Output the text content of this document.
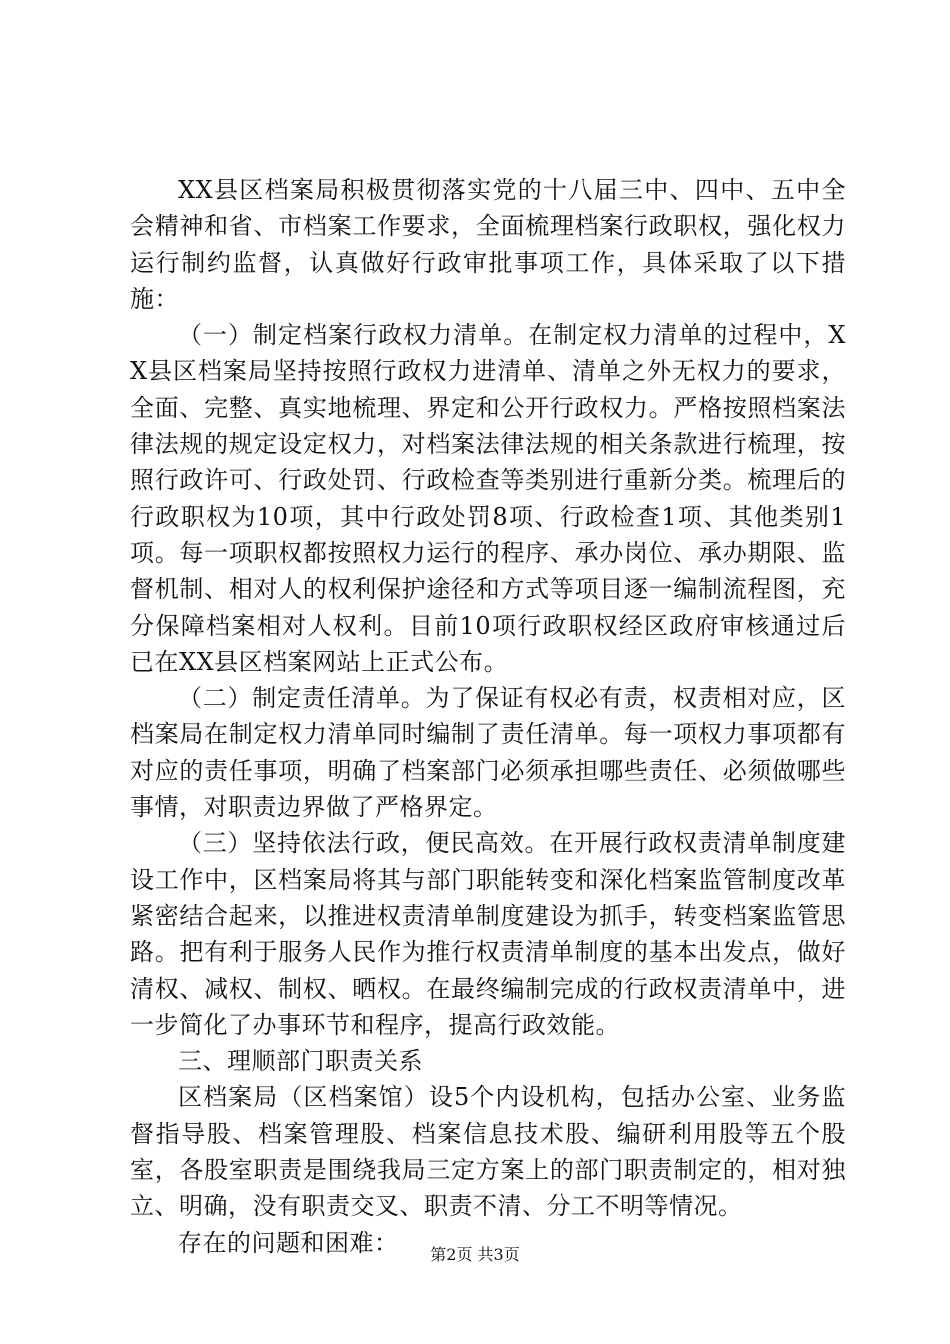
XX县区档案局积极贯彻落实党的十八届三中、四中、五中全会精神和省、市档案工作要求，全面梳理档案行政职权，强化权力运行制约监督，认真做好行政审批事项工作，具体采取了以下措施：

（一）制定档案行政权力清单。在制定权力清单的过程中，XX县区档案局坚持按照行政权力进清单、清单之外无权力的要求，全面、完整、真实地梳理、界定和公开行政权力。严格按照档案法律法规的规定设定权力，对档案法律法规的相关条款进行梳理，按照行政许可、行政处罚、行政检查等类别进行重新分类。梳理后的行政职权为10项，其中行政处罚8项、行政检查1项、其他类别1项。每一项职权都按照权力运行的程序、承办岗位、承办期限、监督机制、相对人的权利保护途径和方式等项目逐一编制流程图，充分保障档案相对人权利。目前10项行政职权经区政府审核通过后已在XX县区档案网站上正式公布。

（二）制定责任清单。为了保证有权必有责，权责相对应，区档案局在制定权力清单同时编制了责任清单。每一项权力事项都有对应的责任事项，明确了档案部门必须承担哪些责任、必须做哪些事情，对职责边界做了严格界定。

（三）坚持依法行政，便民高效。在开展行政权责清单制度建设工作中，区档案局将其与部门职能转变和深化档案监管制度改革紧密结合起来，以推进权责清单制度建设为抓手，转变档案监管思路。把有利于服务人民作为推行权责清单制度的基本出发点，做好清权、减权、制权、晒权。在最终编制完成的行政权责清单中，进一步简化了办事环节和程序，提高行政效能。

三、理顺部门职责关系

区档案局（区档案馆）设5个内设机构，包括办公室、业务监督指导股、档案管理股、档案信息技术股、编研利用股等五个股室，各股室职责是围绕我局三定方案上的部门职责制定的，相对独立、明确，没有职责交叉、职责不清、分工不明等情况。

存在的问题和困难：	第2页 共3页
